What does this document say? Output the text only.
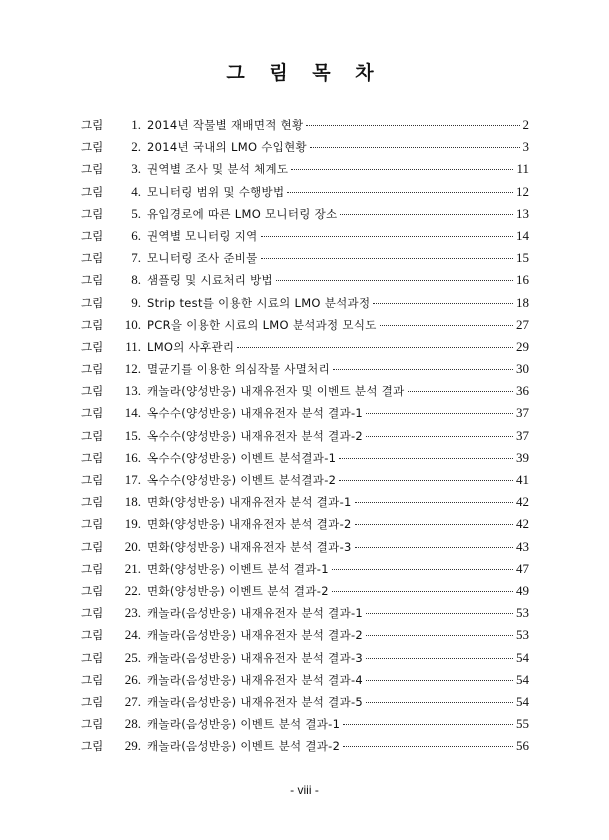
그 림 목 차
그림	1. 2014년 작물별 재배면적 현황	2
그림	2. 2014년 국내의 LMO 수입현황	3
그림	3. 권역별 조사 및 분석 체계도	11
그림	4. 모니터링 범위 및 수행방법	12
그림	5. 유입경로에 따른 LMO 모니터링 장소	13
그림	6. 권역별 모니터링 지역	14
그림	7. 모니터링 조사 준비물	15
그림	8. 샘플링 및 시료처리 방법	16
그림	9. Strip test를 이용한 시료의 LMO 분석과정	18
그림	10. PCR을 이용한 시료의 LMO 분석과정 모식도	27
그림	11. LMO의 사후관리	29
그림	12. 멸균기를 이용한 의심작물 사멸처리	30
그림	13. 캐놀라(양성반응) 내재유전자 및 이벤트 분석 결과	36
그림	14. 옥수수(양성반응) 내재유전자 분석 결과-1	37
그림	15. 옥수수(양성반응) 내재유전자 분석 결과-2	37
그림	16. 옥수수(양성반응) 이벤트 분석결과-1	39
그림	17. 옥수수(양성반응) 이벤트 분석결과-2	41
그림	18. 면화(양성반응) 내재유전자 분석 결과-1	42
그림	19. 면화(양성반응) 내재유전자 분석 결과-2	42
그림	20. 면화(양성반응) 내재유전자 분석 결과-3	43
그림	21. 면화(양성반응) 이벤트 분석 결과-1	47
그림	22. 면화(양성반응) 이벤트 분석 결과-2	49
그림	23. 캐놀라(음성반응) 내재유전자 분석 결과-1	53
그림	24. 캐놀라(음성반응) 내재유전자 분석 결과-2	53
그림	25. 캐놀라(음성반응) 내재유전자 분석 결과-3	54
그림	26. 캐놀라(음성반응) 내재유전자 분석 결과-4	54
그림	27. 캐놀라(음성반응) 내재유전자 분석 결과-5	54
그림	28. 캐놀라(음성반응) 이벤트 분석 결과-1	55
그림	29. 캐놀라(음성반응) 이벤트 분석 결과-2	56
- viii -
